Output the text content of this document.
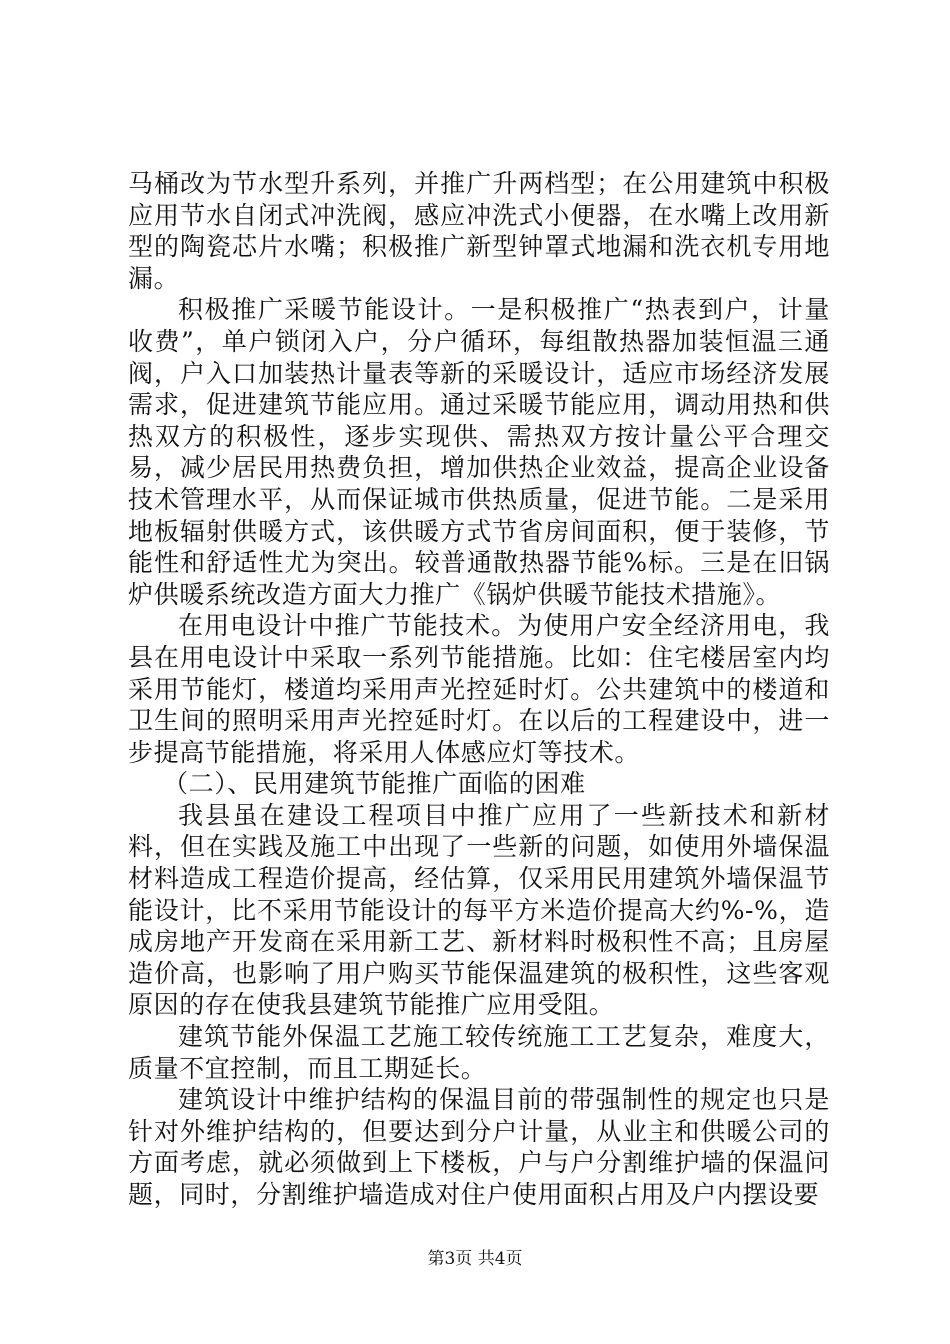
马桶改为节水型升系列，并推广升两档型；在公用建筑中积极应用节水自闭式冲洗阀，感应冲洗式小便器，在水嘴上改用新型的陶瓷芯片水嘴；积极推广新型钟罩式地漏和洗衣机专用地漏。

积极推广采暖节能设计。一是积极推广“热表到户，计量收费”，单户锁闭入户，分户循环，每组散热器加装恒温三通阀，户入口加装热计量表等新的采暖设计，适应市场经济发展需求，促进建筑节能应用。通过采暖节能应用，调动用热和供热双方的积极性，逐步实现供、需热双方按计量公平合理交易，减少居民用热费负担，增加供热企业效益，提高企业设备技术管理水平，从而保证城市供热质量，促进节能。二是采用地板辐射供暖方式，该供暖方式节省房间面积，便于装修，节能性和舒适性尤为突出。较普通散热器节能%标。三是在旧锅炉供暖系统改造方面大力推广《锅炉供暖节能技术措施》。

在用电设计中推广节能技术。为使用户安全经济用电，我县在用电设计中采取一系列节能措施。比如：住宅楼居室内均采用节能灯，楼道均采用声光控延时灯。公共建筑中的楼道和卫生间的照明采用声光控延时灯。在以后的工程建设中，进一步提高节能措施，将采用人体感应灯等技术。

（二）、民用建筑节能推广面临的困难

我县虽在建设工程项目中推广应用了一些新技术和新材料，但在实践及施工中出现了一些新的问题，如使用外墙保温材料造成工程造价提高，经估算，仅采用民用建筑外墙保温节能设计，比不采用节能设计的每平方米造价提高大约%-%，造成房地产开发商在采用新工艺、新材料时极积性不高；且房屋造价高，也影响了用户购买节能保温建筑的极积性，这些客观原因的存在使我县建筑节能推广应用受阻。

建筑节能外保温工艺施工较传统施工工艺复杂，难度大，质量不宜控制，而且工期延长。

建筑设计中维护结构的保温目前的带强制性的规定也只是针对外维护结构的，但要达到分户计量，从业主和供暖公司的方面考虑，就必须做到上下楼板，户与户分割维护墙的保温问题，同时，分割维护墙造成对住户使用面积占用及户内摆设要

第3页 共4页
